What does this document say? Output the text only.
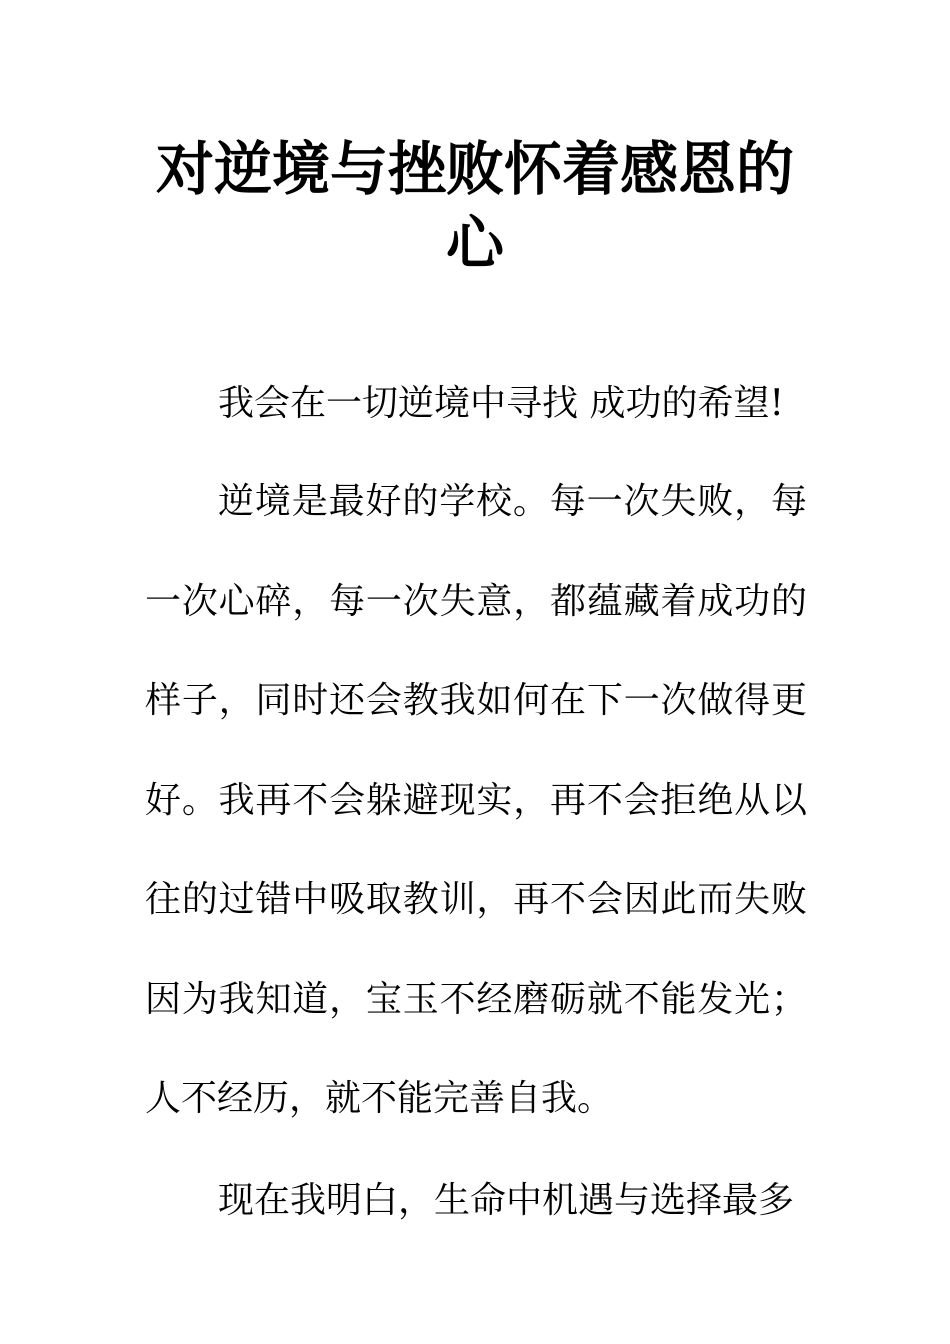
对逆境与挫败怀着感恩的心

我会在一切逆境中寻找 成功的希望!

逆境是最好的学校。每一次失败，每一次心碎，每一次失意，都蕴藏着成功的样子，同时还会教我如何在下一次做得更好。我再不会躲避现实，再不会拒绝从以往的过错中吸取教训，再不会因此而失败因为我知道，宝玉不经磨砺就不能发光；人不经历，就不能完善自我。

现在我明白，生命中机遇与选择最多
